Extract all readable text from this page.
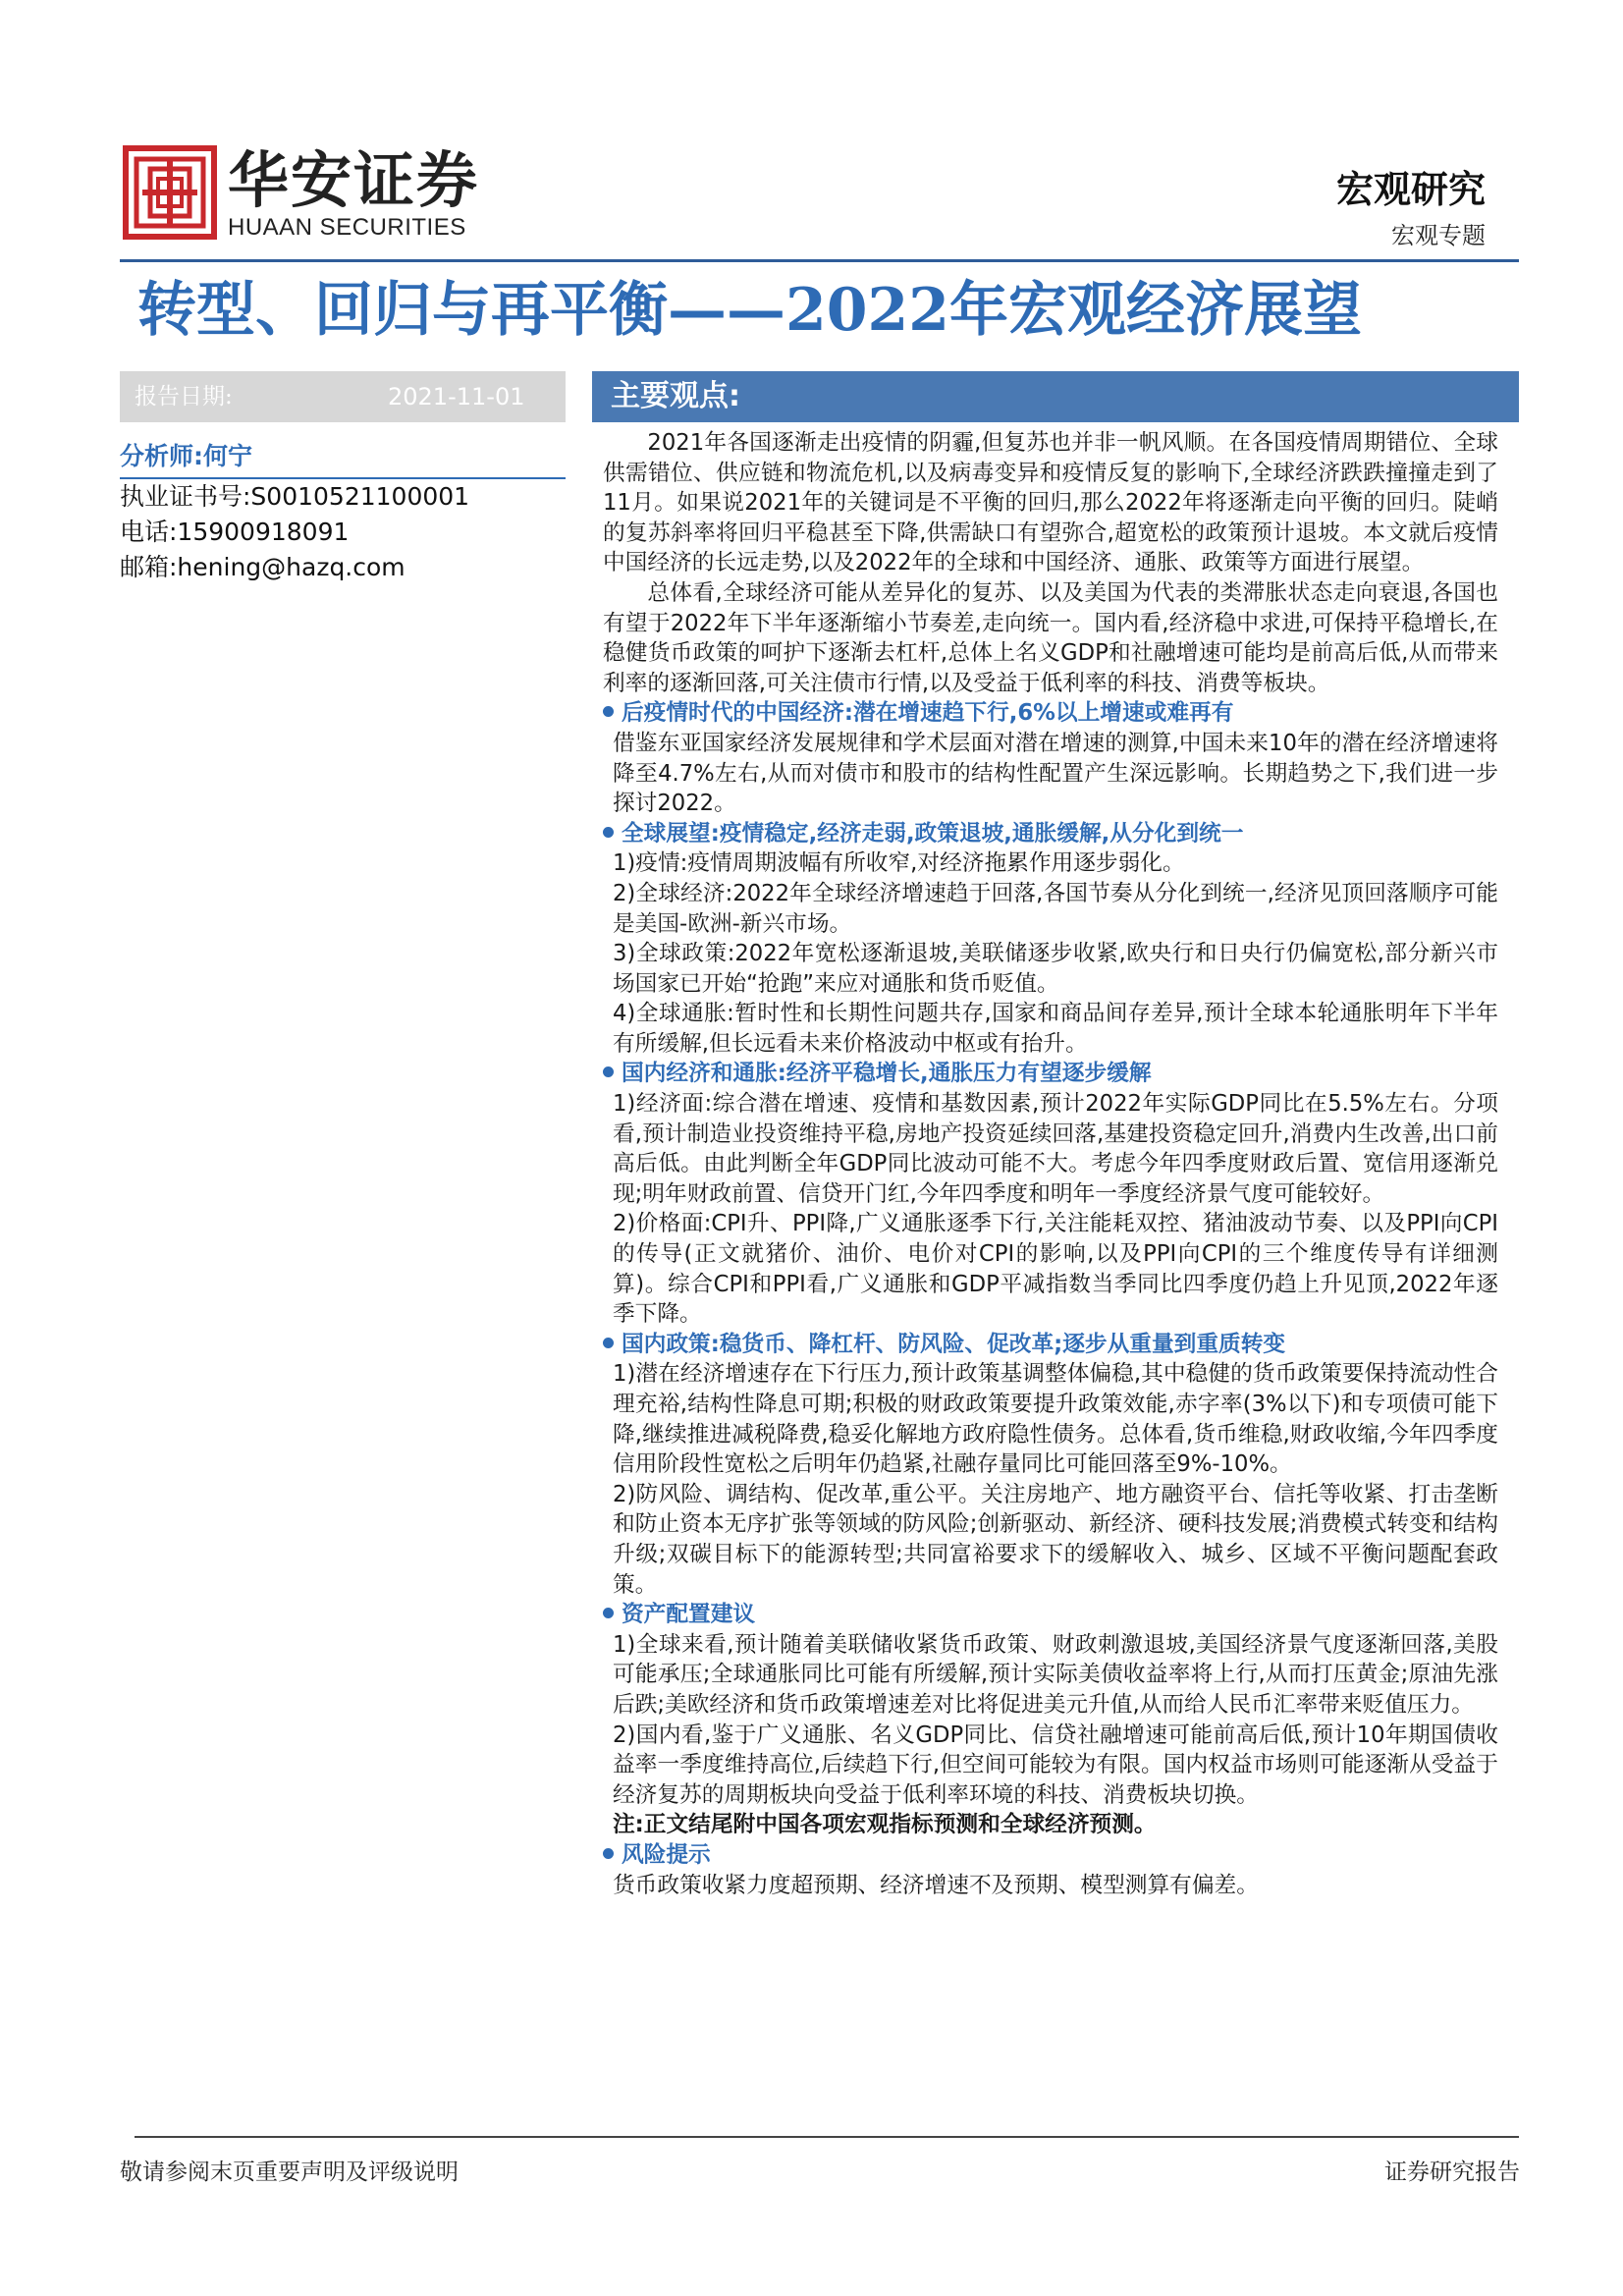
华安证券
HUAAN SECURITIES
宏观研究
宏观专题
转型、回归与再平衡——2022年宏观经济展望
报告日期:	2021-11-01
分析师:何宁
执业证书号:S0010521100001
电话:15900918091
邮箱:hening@hazq.com
主要观点:

2021年各国逐渐走出疫情的阴霾,但复苏也并非一帆风顺。在各国疫情周期错位、全球供需错位、供应链和物流危机,以及病毒变异和疫情反复的影响下,全球经济跌跌撞撞走到了11月。如果说2021年的关键词是不平衡的回归,那么2022年将逐渐走向平衡的回归。陡峭的复苏斜率将回归平稳甚至下降,供需缺口有望弥合,超宽松的政策预计退坡。本文就后疫情中国经济的长远走势,以及2022年的全球和中国经济、通胀、政策等方面进行展望。

总体看,全球经济可能从差异化的复苏、以及美国为代表的类滞胀状态走向衰退,各国也有望于2022年下半年逐渐缩小节奏差,走向统一。国内看,经济稳中求进,可保持平稳增长,在稳健货币政策的呵护下逐渐去杠杆,总体上名义GDP和社融增速可能均是前高后低,从而带来利率的逐渐回落,可关注债市行情,以及受益于低利率的科技、消费等板块。

后疫情时代的中国经济:潜在增速趋下行,6%以上增速或难再有

借鉴东亚国家经济发展规律和学术层面对潜在增速的测算,中国未来10年的潜在经济增速将降至4.7%左右,从而对债市和股市的结构性配置产生深远影响。长期趋势之下,我们进一步探讨2022。

全球展望:疫情稳定,经济走弱,政策退坡,通胀缓解,从分化到统一

1)疫情:疫情周期波幅有所收窄,对经济拖累作用逐步弱化。

2)全球经济:2022年全球经济增速趋于回落,各国节奏从分化到统一,经济见顶回落顺序可能是美国-欧洲-新兴市场。

3)全球政策:2022年宽松逐渐退坡,美联储逐步收紧,欧央行和日央行仍偏宽松,部分新兴市场国家已开始“抢跑”来应对通胀和货币贬值。

4)全球通胀:暂时性和长期性问题共存,国家和商品间存差异,预计全球本轮通胀明年下半年有所缓解,但长远看未来价格波动中枢或有抬升。

国内经济和通胀:经济平稳增长,通胀压力有望逐步缓解

1)经济面:综合潜在增速、疫情和基数因素,预计2022年实际GDP同比在5.5%左右。分项看,预计制造业投资维持平稳,房地产投资延续回落,基建投资稳定回升,消费内生改善,出口前高后低。由此判断全年GDP同比波动可能不大。考虑今年四季度财政后置、宽信用逐渐兑现;明年财政前置、信贷开门红,今年四季度和明年一季度经济景气度可能较好。

2)价格面:CPI升、PPI降,广义通胀逐季下行,关注能耗双控、猪油波动节奏、以及PPI向CPI的传导(正文就猪价、油价、电价对CPI的影响,以及PPI向CPI的三个维度传导有详细测算)。综合CPI和PPI看,广义通胀和GDP平减指数当季同比四季度仍趋上升见顶,2022年逐季下降。

国内政策:稳货币、降杠杆、防风险、促改革;逐步从重量到重质转变

1)潜在经济增速存在下行压力,预计政策基调整体偏稳,其中稳健的货币政策要保持流动性合理充裕,结构性降息可期;积极的财政政策要提升政策效能,赤字率(3%以下)和专项债可能下降,继续推进减税降费,稳妥化解地方政府隐性债务。总体看,货币维稳,财政收缩,今年四季度信用阶段性宽松之后明年仍趋紧,社融存量同比可能回落至9%-10%。

2)防风险、调结构、促改革,重公平。关注房地产、地方融资平台、信托等收紧、打击垄断和防止资本无序扩张等领域的防风险;创新驱动、新经济、硬科技发展;消费模式转变和结构升级;双碳目标下的能源转型;共同富裕要求下的缓解收入、城乡、区域不平衡问题配套政策。

资产配置建议

1)全球来看,预计随着美联储收紧货币政策、财政刺激退坡,美国经济景气度逐渐回落,美股可能承压;全球通胀同比可能有所缓解,预计实际美债收益率将上行,从而打压黄金;原油先涨后跌;美欧经济和货币政策增速差对比将促进美元升值,从而给人民币汇率带来贬值压力。

2)国内看,鉴于广义通胀、名义GDP同比、信贷社融增速可能前高后低,预计10年期国债收益率一季度维持高位,后续趋下行,但空间可能较为有限。国内权益市场则可能逐渐从受益于经济复苏的周期板块向受益于低利率环境的科技、消费板块切换。

注:正文结尾附中国各项宏观指标预测和全球经济预测。

风险提示

货币政策收紧力度超预期、经济增速不及预期、模型测算有偏差。

敬请参阅末页重要声明及评级说明	证券研究报告
